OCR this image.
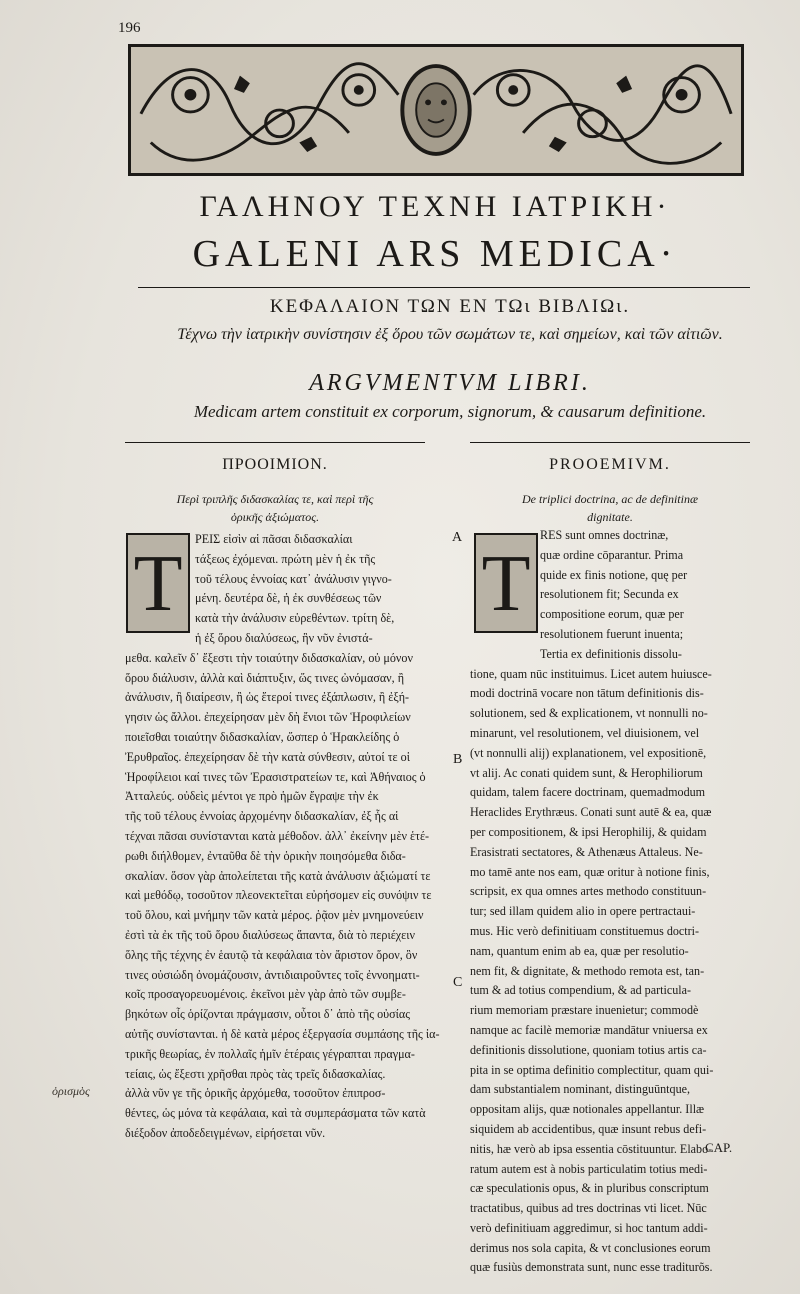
196
ΓΑΛΗΝΟΥ ΤΕΧΝΗ ΙΑΤΡΙΚΗ·
GALENI ARS MEDICA·
ΚΕΦΑΛΑΙΟΝ ΤΩΝ ΕΝ ΤΩι ΒΙΒΛΙΩι.
Τέχνω τὴν ἰατρικὴν συνίστησιν ἐξ ὅρου τῶν σωμάτων τε, καὶ σημείων, καὶ τῶν αἰτιῶν.
ARGVMENTVM LIBRI.
Medicam artem constituit ex corporum, signorum, & causarum definitione.
ΠΡΟΟΙΜΙΟΝ.
Περὶ τριπλῆς διδασκαλίας τε, καὶ περὶ τῆς
ὁρικῆς ἀξιώματος.
T
ΡΕΙΣ εἰσὶν αἱ πᾶσαι διδασκαλίαι
τάξεως ἐχόμεναι. πρώτη μὲν ἡ ἐκ τῆς
τοῦ τέλους ἐννοίας κατ᾽ ἀνάλυσιν γιγνο-
μένη. δευτέρα δὲ, ἡ ἐκ συνθέσεως τῶν
κατὰ τὴν ἀνάλυσιν εὑρεθέντων. τρίτη δὲ,
ἡ ἐξ ὅρου διαλύσεως, ἣν νῦν ἐνιστά-
μεθα. καλεῖν δ᾽ ἔξεστι τὴν τοιαύτην διδασκαλίαν, οὐ μόνον
ὅρου διάλυσιν, ἀλλὰ καὶ διάπτυξιν, ὥς τινες ὠνόμασαν, ἢ
ἀνάλυσιν, ἢ διαίρεσιν, ἢ ὡς ἕτεροί τινες ἐξάπλωσιν, ἢ ἐξή-
γησιν ὡς ἄλλοι. ἐπεχείρησαν μὲν δὴ ἔνιοι τῶν Ἡροφιλείων
ποιεῖσθαι τοιαύτην διδασκαλίαν, ὥσπερ ὁ Ἡρακλείδης ὁ
Ἐρυθραῖος. ἐπεχείρησαν δὲ τὴν κατὰ σύνθεσιν, αὐτοί τε οἱ
Ἡροφίλειοι καί τινες τῶν Ἐρασιστρατείων τε, καὶ Ἀθήναιος ὁ
Ἀτταλεύς. οὐδεὶς μέντοι γε πρὸ ἡμῶν ἔγραψε τὴν ἐκ
τῆς τοῦ τέλους ἐννοίας ἀρχομένην διδασκαλίαν, ἐξ ἧς αἱ
τέχναι πᾶσαι συνίστανται κατὰ μέθοδον. ἀλλ᾽ ἐκείνην μὲν ἑτέ-
ρωθι διήλθομεν, ἐνταῦθα δὲ τὴν ὁρικὴν ποιησόμεθα διδα-
σκαλίαν. ὅσον γὰρ ἀπολείπεται τῆς κατὰ ἀνάλυσιν ἀξιώματί τε
καὶ μεθόδῳ, τοσοῦτον πλεονεκτεῖται εὐρήσομεν εἰς συνόψιν τε
τοῦ ὅλου, καὶ μνήμην τῶν κατὰ μέρος. ῥᾷον μὲν μνημονεύειν
ἐστὶ τὰ ἐκ τῆς τοῦ ὅρου διαλύσεως ἅπαντα, διὰ τὸ περιέχειν
ὅλης τῆς τέχνης ἐν ἑαυτῷ τὰ κεφάλαια τὸν ἄριστον ὅρον, ὃν
τινες οὐσιώδη ὀνομάζουσιν, ἀντιδιαιροῦντες τοῖς ἐννοηματι-
κοῖς προσαγορευομένοις. ἐκεῖνοι μὲν γὰρ ἀπὸ τῶν συμβε-
βηκότων οἷς ὁρίζονται πράγμασιν, οὗτοι δ᾽ ἀπὸ τῆς οὐσίας
αὐτῆς συνίστανται. ἡ δὲ κατὰ μέρος ἐξεργασία συμπάσης τῆς ἰα-
τρικῆς θεωρίας, ἐν πολλαῖς ἡμῖν ἑτέραις γέγραπται πραγμα-
τείαις, ὡς ἔξεστι χρῆσθαι πρὸς τὰς τρεῖς διδασκαλίας.
ἀλλὰ νῦν γε τῆς ὁρικῆς ἀρχόμεθα, τοσοῦτον ἐπιπροσ-
θέντες, ὡς μόνα τὰ κεφάλαια, καὶ τὰ συμπεράσματα τῶν κατὰ
διέξοδον ἀποδεδειγμένων, εἰρήσεται νῦν.
PROOEMIVM.
De triplici doctrina, ac de definitinæ
dignitate.
T
RES sunt omnes doctrinæ,
quæ ordine cōparantur. Prima
quide ex finis notione, quę per
resolutionem fit; Secunda ex
compositione eorum, quæ per
resolutionem fuerunt inuenta;
Tertia ex definitionis dissolu-
tione, quam nūc instituimus. Licet autem huiusce-
modi doctrinā vocare non tātum definitionis dis-
solutionem, sed & explicationem, vt nonnulli no-
minarunt, vel resolutionem, vel diuisionem, vel
(vt nonnulli alij) explanationem, vel expositionē,
vt alij. Ac conati quidem sunt, & Herophiliorum
quidam, talem facere doctrinam, quemadmodum
Heraclides Erythræus. Conati sunt autē & ea, quæ
per compositionem, & ipsi Herophilij, & quidam
Erasistrati sectatores, & Athenæus Attaleus. Ne-
mo tamē ante nos eam, quæ oritur à notione finis,
scripsit, ex qua omnes artes methodo constituun-
tur; sed illam quidem alio in opere pertractaui-
mus. Hic verò definitiuam constituemus doctri-
nam, quantum enim ab ea, quæ per resolutio-
nem fit, & dignitate, & methodo remota est, tan-
tum & ad totius compendium, & ad particula-
rium memoriam præstare inuenietur; commodè
namque ac facilè memoriæ mandātur vniuersa ex
definitionis dissolutione, quoniam totius artis ca-
pita in se optima definitio complectitur, quam qui-
dam substantialem nominant, distinguūntque,
oppositam alijs, quæ notionales appellantur. Illæ
siquidem ab accidentibus, quæ insunt rebus defi-
nitis, hæ verò ab ipsa essentia cōstituuntur. Elabo-
ratum autem est à nobis particulatim totius medi-
cæ speculationis opus, & in pluribus conscriptum
tractatibus, quibus ad tres doctrinas vti licet. Nūc
verò definitiuam aggredimur, si hoc tantum addi-
derimus nos sola capita, & vt conclusiones eorum
quæ fusiùs demonstrata sunt, nunc esse traditurõs.
A
B
C
ὁρισμὸς
CAP.
